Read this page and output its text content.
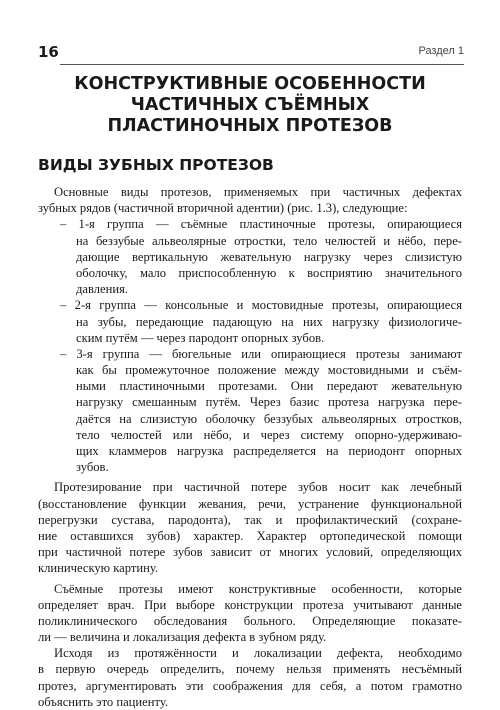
16	Раздел 1
КОНСТРУКТИВНЫЕ ОСОБЕННОСТИ
ЧАСТИЧНЫХ СЪЁМНЫХ
ПЛАСТИНОЧНЫХ ПРОТЕЗОВ
ВИДЫ ЗУБНЫХ ПРОТЕЗОВ
Основные виды протезов, применяемых при частичных дефектах
зубных рядов (частичной вторичной адентии) (рис. 1.3), следующие:
– 1-я группа — съёмные пластиночные протезы, опирающиеся
на беззубые альвеолярные отростки, тело челюстей и нёбо, пере-
дающие вертикальную жевательную нагрузку через слизистую
оболочку, мало приспособленную к восприятию значительного
давления.
– 2-я группа — консольные и мостовидные протезы, опирающиеся
на зубы, передающие падающую на них нагрузку физиологиче-
ским путём — через пародонт опорных зубов.
– 3-я группа — бюгельные или опирающиеся протезы занимают
как бы промежуточное положение между мостовидными и съём-
ными пластиночными протезами. Они передают жевательную
нагрузку смешанным путём. Через базис протеза нагрузка пере-
даётся на слизистую оболочку беззубых альвеолярных отростков,
тело челюстей или нёбо, и через систему опорно-удерживаю-
щих кламмеров нагрузка распределяется на периодонт опорных
зубов.
Протезирование при частичной потере зубов носит как лечебный
(восстановление функции жевания, речи, устранение функциональной
перегрузки сустава, пародонта), так и профилактический (сохране-
ние оставшихся зубов) характер. Характер ортопедической помощи
при частичной потере зубов зависит от многих условий, определяющих
клиническую картину.
Съёмные протезы имеют конструктивные особенности, которые
определяет врач. При выборе конструкции протеза учитывают данные
поликлинического обследования больного. Определяющие показате-
ли — величина и локализация дефекта в зубном ряду.
Исходя из протяжённости и локализации дефекта, необходимо
в первую очередь определить, почему нельзя применять несъёмный
протез, аргументировать эти соображения для себя, а потом грамотно
объяснить это пациенту.
